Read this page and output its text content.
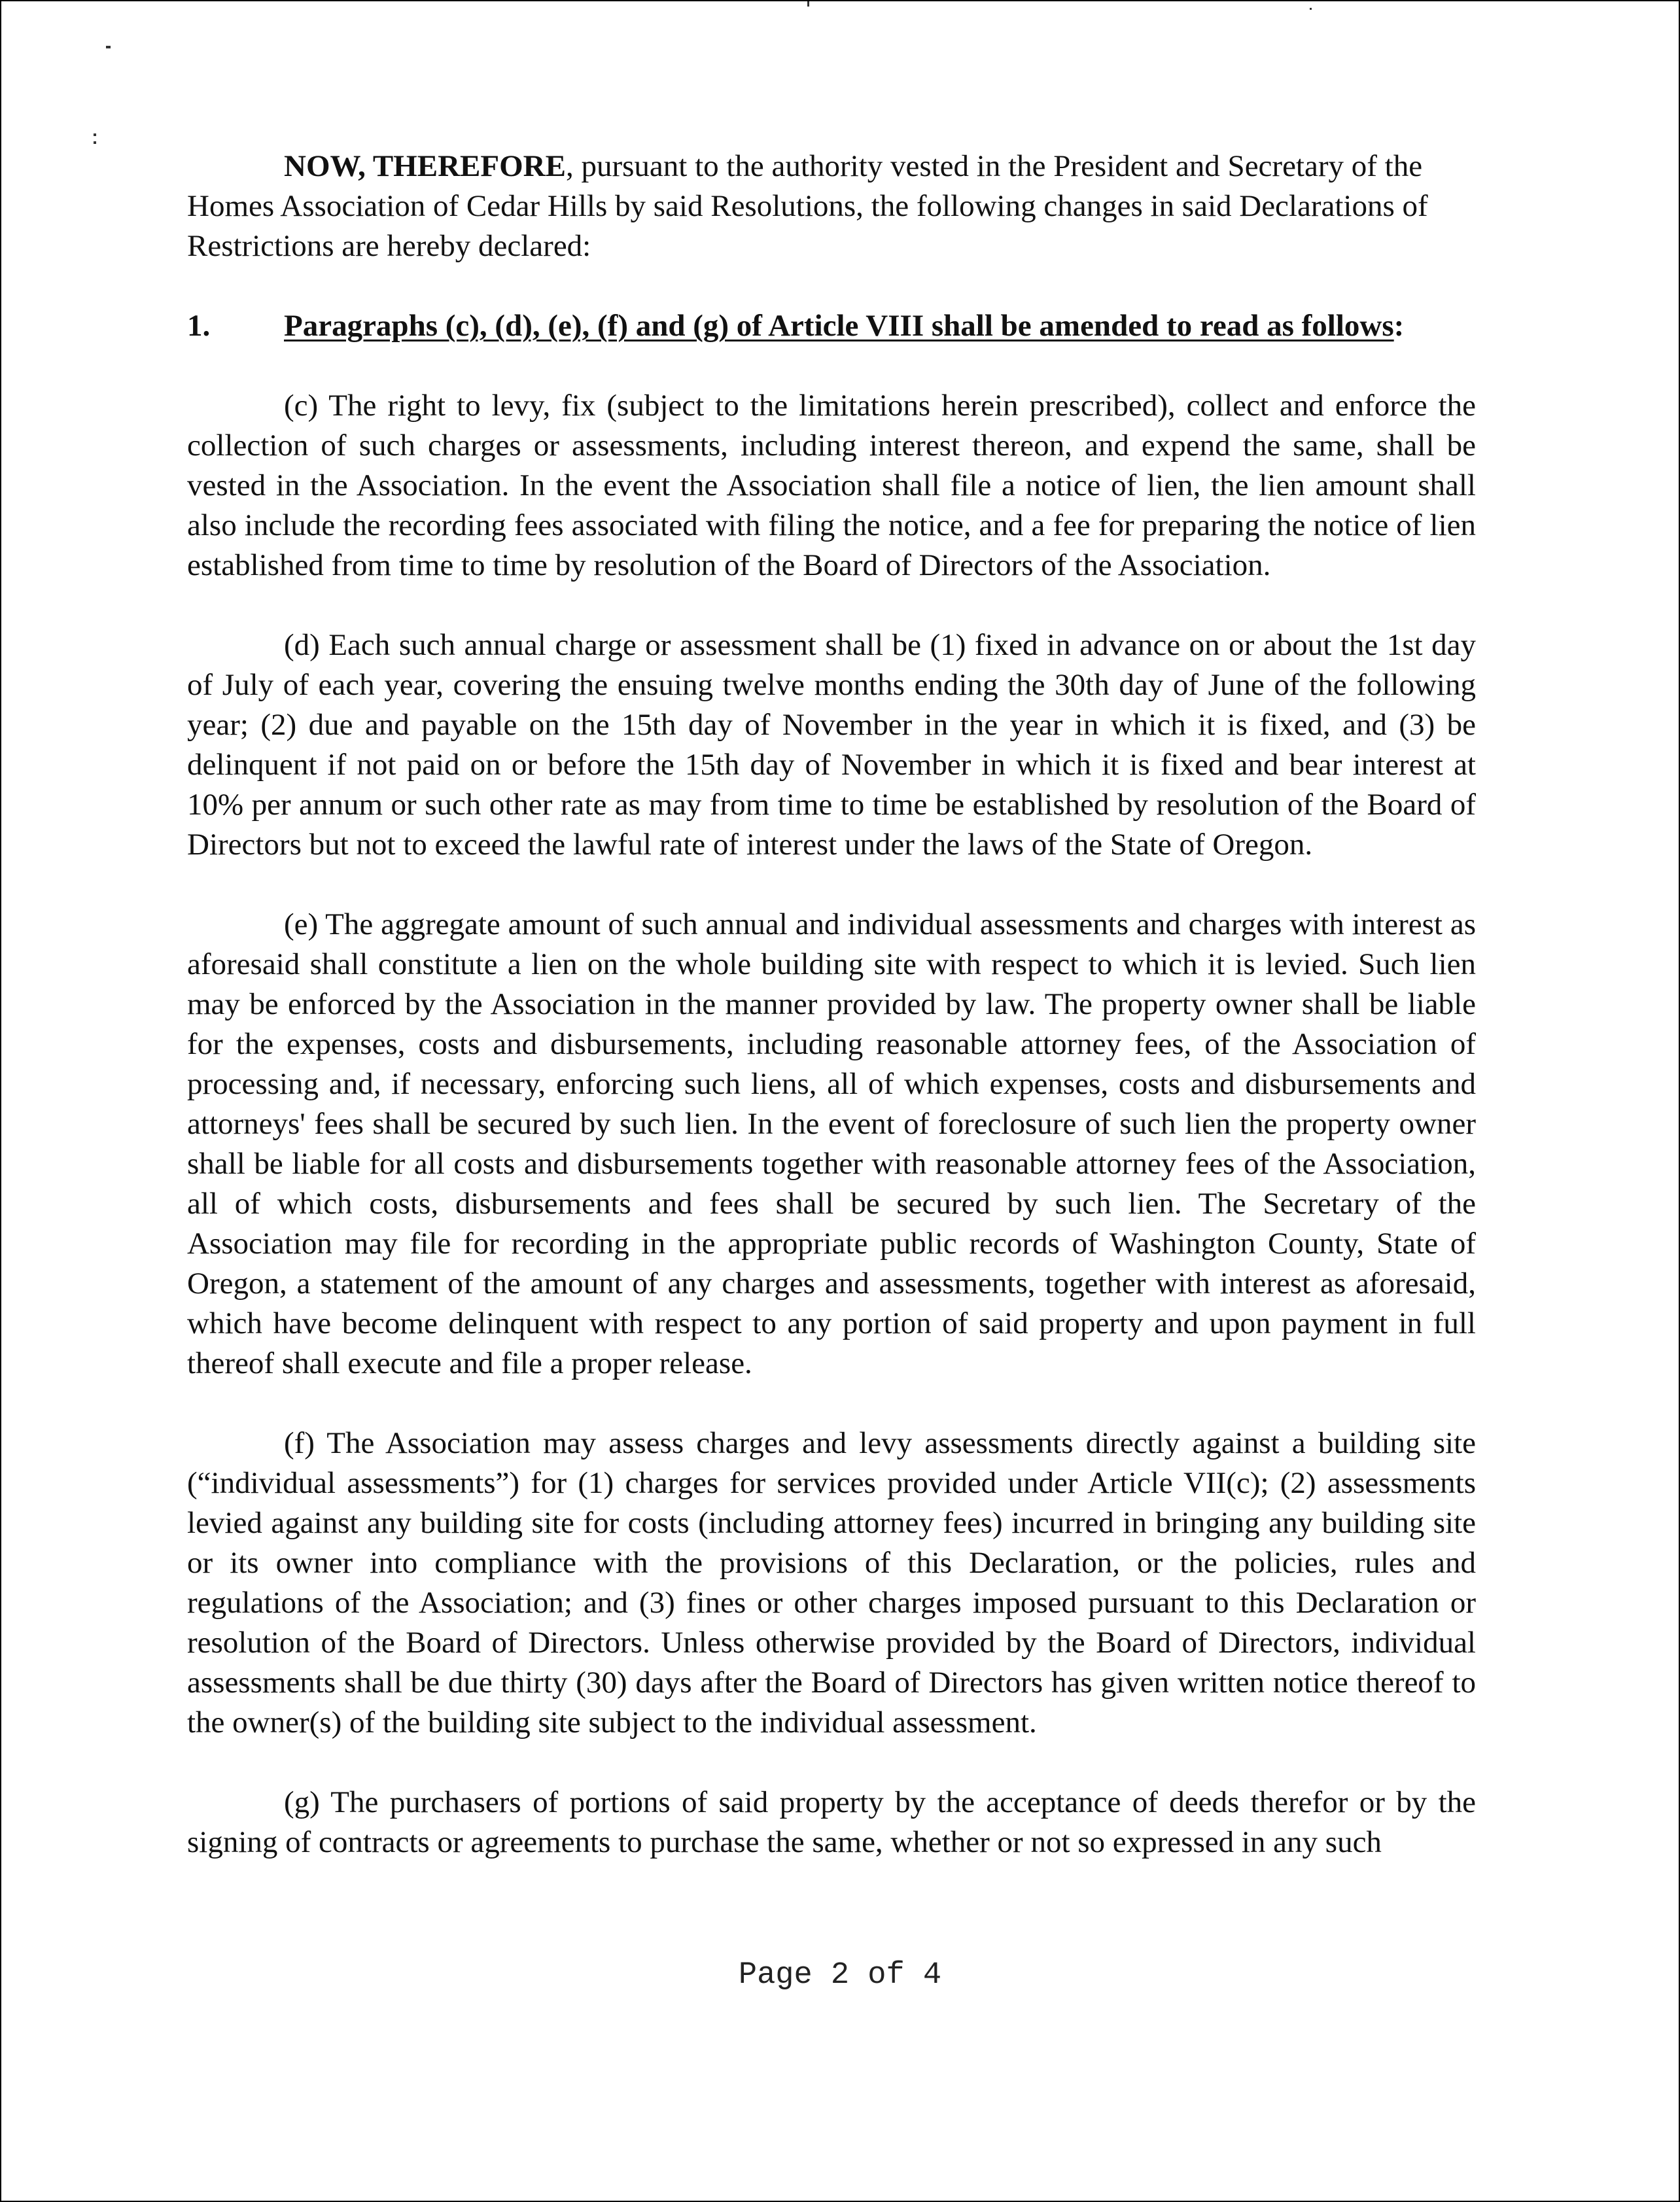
NOW, THEREFORE, pursuant to the authority vested in the President and Secretary of the Homes Association of Cedar Hills by said Resolutions, the following changes in said Declarations of Restrictions are hereby declared:

1.	Paragraphs (c), (d), (e), (f) and (g) of Article VIII shall be amended to read as follows:

(c) The right to levy, fix (subject to the limitations herein prescribed), collect and enforce the collection of such charges or assessments, including interest thereon, and expend the same, shall be vested in the Association. In the event the Association shall file a notice of lien, the lien amount shall also include the recording fees associated with filing the notice, and a fee for preparing the notice of lien established from time to time by resolution of the Board of Directors of the Association.

(d) Each such annual charge or assessment shall be (1) fixed in advance on or about the 1st day of July of each year, covering the ensuing twelve months ending the 30th day of June of the following year; (2) due and payable on the 15th day of November in the year in which it is fixed, and (3) be delinquent if not paid on or before the 15th day of November in which it is fixed and bear interest at 10% per annum or such other rate as may from time to time be established by resolution of the Board of Directors but not to exceed the lawful rate of interest under the laws of the State of Oregon.

(e) The aggregate amount of such annual and individual assessments and charges with interest as aforesaid shall constitute a lien on the whole building site with respect to which it is levied. Such lien may be enforced by the Association in the manner provided by law. The property owner shall be liable for the expenses, costs and disbursements, including reasonable attorney fees, of the Association of processing and, if necessary, enforcing such liens, all of which expenses, costs and disbursements and attorneys' fees shall be secured by such lien. In the event of foreclosure of such lien the property owner shall be liable for all costs and disbursements together with reasonable attorney fees of the Association, all of which costs, disbursements and fees shall be secured by such lien. The Secretary of the Association may file for recording in the appropriate public records of Washington County, State of Oregon, a statement of the amount of any charges and assessments, together with interest as aforesaid, which have become delinquent with respect to any portion of said property and upon payment in full thereof shall execute and file a proper release.

(f) The Association may assess charges and levy assessments directly against a building site (“individual assessments”) for (1) charges for services provided under Article VII(c); (2) assessments levied against any building site for costs (including attorney fees) incurred in bringing any building site or its owner into compliance with the provisions of this Declaration, or the policies, rules and regulations of the Association; and (3) fines or other charges imposed pursuant to this Declaration or resolution of the Board of Directors. Unless otherwise provided by the Board of Directors, individual assessments shall be due thirty (30) days after the Board of Directors has given written notice thereof to the owner(s) of the building site subject to the individual assessment.

(g) The purchasers of portions of said property by the acceptance of deeds therefor or by the signing of contracts or agreements to purchase the same, whether or not so expressed in any such

Page 2 of 4
